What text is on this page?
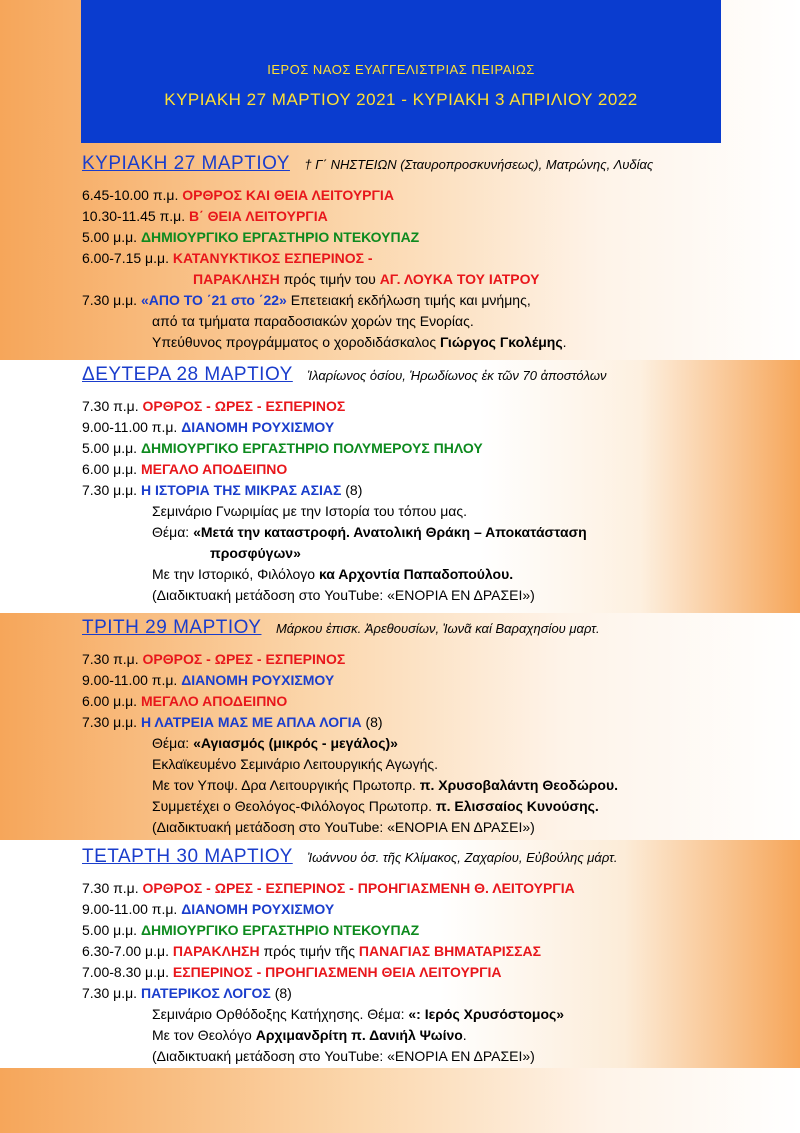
ΙΕΡΟΣ ΝΑΟΣ ΕΥΑΓΓΕΛΙΣΤΡΙΑΣ ΠΕΙΡΑΙΩΣ
ΚΥΡΙΑΚΗ 27 ΜΑΡΤΙΟΥ 2021 - ΚΥΡΙΑΚΗ 3 ΑΠΡΙΛΙΟΥ 2022
ΚΥΡΙΑΚΗ 27 ΜΑΡΤΙΟΥ † Γ΄ ΝΗΣΤΕΙΩΝ (Σταυροπροσκυνήσεως), Ματρώνης, Λυδίας
6.45-10.00 π.μ. ΟΡΘΡΟΣ ΚΑΙ ΘΕΙΑ ΛΕΙΤΟΥΡΓΙΑ
10.30-11.45 π.μ. Β΄ ΘΕΙΑ ΛΕΙΤΟΥΡΓΙΑ
5.00 μ.μ. ΔΗΜΙΟΥΡΓΙΚΟ ΕΡΓΑΣΤΗΡΙΟ ΝΤΕΚΟΥΠΑΖ
6.00-7.15 μ.μ. ΚΑΤΑΝΥΚΤΙΚΟΣ ΕΣΠΕΡΙΝΟΣ -
ΠΑΡΑΚΛΗΣΗ πρός τιμήν του ΑΓ. ΛΟΥΚΑ ΤΟΥ ΙΑΤΡΟΥ
7.30 μ.μ. «ΑΠΟ ΤΟ ΄21 στο ΄22» Επετειακή εκδήλωση τιμής και μνήμης,
από τα τμήματα παραδοσιακών χορών της Ενορίας.
Υπεύθυνος προγράμματος ο χοροδιδάσκαλος Γιώργος Γκολέμης.
ΔΕΥΤΕΡΑ 28 ΜΑΡΤΙΟΥ Ἱλαρίωνος ὁσίου, Ἡρωδίωνος ἐκ τῶν 70 ἀποστόλων
7.30 π.μ. ΟΡΘΡΟΣ - ΩΡΕΣ - ΕΣΠΕΡΙΝΟΣ
9.00-11.00 π.μ. ΔΙΑΝΟΜΗ ΡΟΥΧΙΣΜΟΥ
5.00 μ.μ. ΔΗΜΙΟΥΡΓΙΚΟ ΕΡΓΑΣΤΗΡΙΟ ΠΟΛΥΜΕΡΟΥΣ ΠΗΛΟΥ
6.00 μ.μ. ΜΕΓΑΛΟ ΑΠΟΔΕΙΠΝΟ
7.30 μ.μ. Η ΙΣΤΟΡΙΑ ΤΗΣ ΜΙΚΡΑΣ ΑΣΙΑΣ (8)
Σεμινάριο Γνωριμίας με την Ιστορία του τόπου μας.
Θέμα: «Μετά την καταστροφή. Ανατολική Θράκη – Αποκατάσταση
προσφύγων»
Με την Ιστορικό, Φιλόλογο κα Αρχοντία Παπαδοπούλου.
(Διαδικτυακή μετάδοση στο YouTube: «ΕΝΟΡΙΑ ΕΝ ΔΡΑΣΕΙ»)
ΤΡΙΤΗ 29 ΜΑΡΤΙΟΥ Μάρκου ἐπισκ. Ἀρεθουσίων, Ἰωνᾶ καί Βαραχησίου μαρτ.
7.30 π.μ. ΟΡΘΡΟΣ - ΩΡΕΣ - ΕΣΠΕΡΙΝΟΣ
9.00-11.00 π.μ. ΔΙΑΝΟΜΗ ΡΟΥΧΙΣΜΟΥ
6.00 μ.μ. ΜΕΓΑΛΟ ΑΠΟΔΕΙΠΝΟ
7.30 μ.μ. Η ΛΑΤΡΕΙΑ ΜΑΣ ΜΕ ΑΠΛΑ ΛΟΓΙΑ (8)
Θέμα: «Αγιασμός (μικρός - μεγάλος)»
Εκλαϊκευμένο Σεμινάριο Λειτουργικής Αγωγής.
Με τον Υποψ. Δρα Λειτουργικής Πρωτοπρ. π. Χρυσοβαλάντη Θεοδώρου.
Συμμετέχει ο Θεολόγος-Φιλόλογος Πρωτοπρ. π. Ελισσαίος Κυνούσης.
(Διαδικτυακή μετάδοση στο YouTube: «ΕΝΟΡΙΑ ΕΝ ΔΡΑΣΕΙ»)
ΤΕΤΑΡΤΗ 30 ΜΑΡΤΙΟΥ Ἰωάννου ὁσ. τῆς Κλίμακος, Ζαχαρίου, Εὐβούλης μάρτ.
7.30 π.μ. ΟΡΘΡΟΣ - ΩΡΕΣ - ΕΣΠΕΡΙΝΟΣ - ΠΡΟΗΓΙΑΣΜΕΝΗ Θ. ΛΕΙΤΟΥΡΓΙΑ
9.00-11.00 π.μ. ΔΙΑΝΟΜΗ ΡΟΥΧΙΣΜΟΥ
5.00 μ.μ. ΔΗΜΙΟΥΡΓΙΚΟ ΕΡΓΑΣΤΗΡΙΟ ΝΤΕΚΟΥΠΑΖ
6.30-7.00 μ.μ. ΠΑΡΑΚΛΗΣΗ πρός τιμήν τῆς ΠΑΝΑΓΙΑΣ ΒΗΜΑΤΑΡΙΣΣΑΣ
7.00-8.30 μ.μ. ΕΣΠΕΡΙΝΟΣ - ΠΡΟΗΓΙΑΣΜΕΝΗ ΘΕΙΑ ΛΕΙΤΟΥΡΓΙΑ
7.30 μ.μ. ΠΑΤΕΡΙΚΟΣ ΛΟΓΟΣ (8)
Σεμινάριο Ορθόδοξης Κατήχησης. Θέμα: «: Ιερός Χρυσόστομος»
Με τον Θεολόγο Αρχιμανδρίτη π. Δανιήλ Ψωίνο.
(Διαδικτυακή μετάδοση στο YouTube: «ΕΝΟΡΙΑ ΕΝ ΔΡΑΣΕΙ»)
